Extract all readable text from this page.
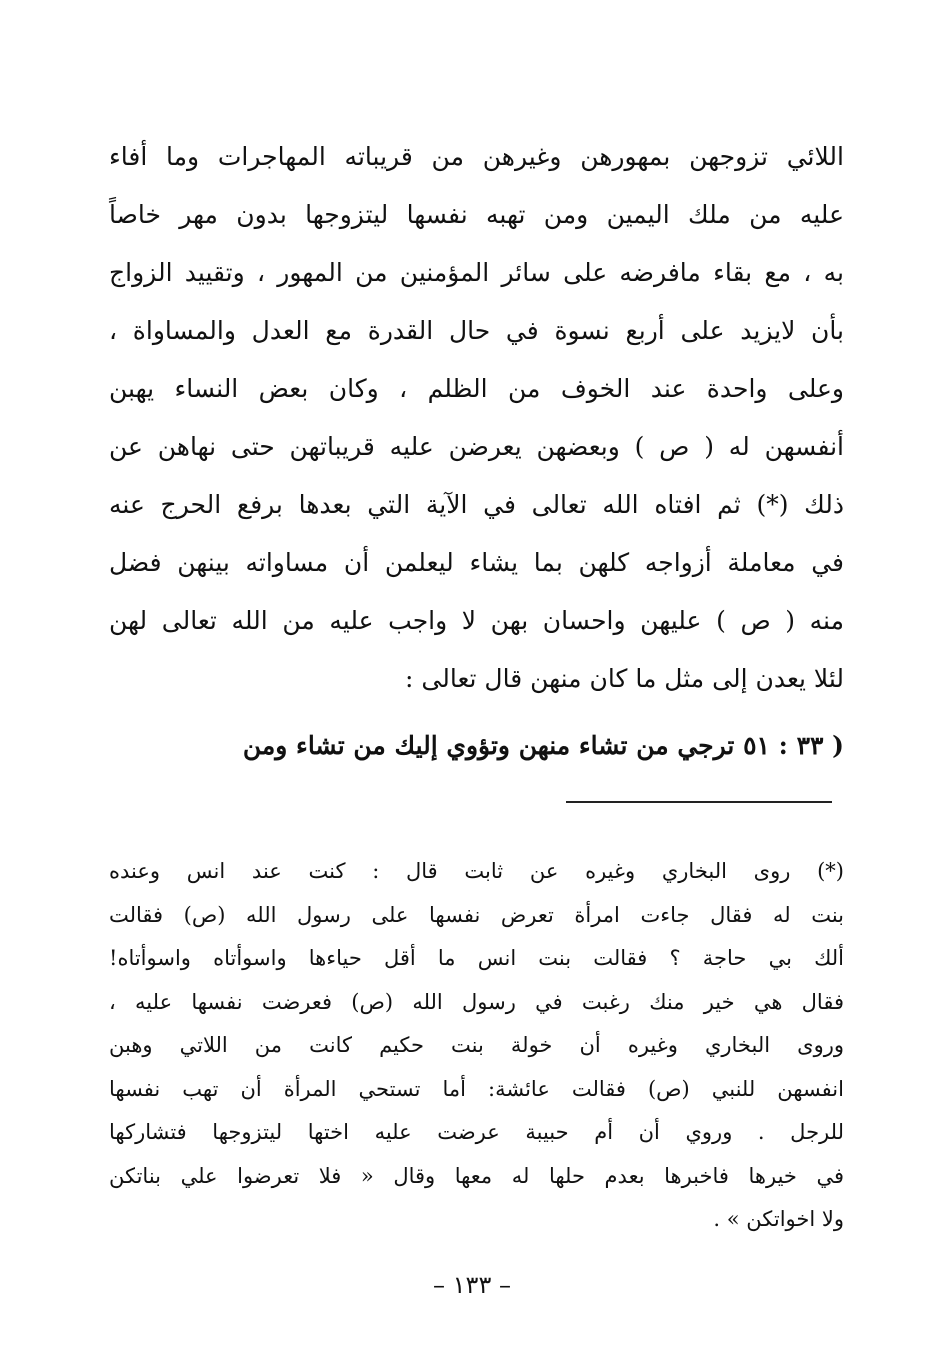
اللائي تزوجهن بمهورهن وغيرهن من قريباته المهاجرات وما أفاء
عليه من ملك اليمين ومن تهبه نفسها ليتزوجها بدون مهر خاصاً
به ، مع بقاء مافرضه على سائر المؤمنين من المهور ، وتقييد الزواج
بأن لايزيد على أربع نسوة في حال القدرة مع العدل والمساواة ،
وعلى واحدة عند الخوف من الظلم ، وكان بعض النساء يهبن
أنفسهن له ( ص ) وبعضهن يعرضن عليه قريباتهن حتى نهاهن عن
ذلك (*) ثم افتاه الله تعالى في الآية التي بعدها برفع الحرج عنه
في معاملة أزواجه كلهن بما يشاء ليعلمن أن مساواته بينهن فضل
منه ( ص ) عليهن واحسان بهن لا واجب عليه من الله تعالى لهن
لئلا يعدن إلى مثل ما كان منهن قال تعالى :
( ٣٣ : ٥١ ترجي من تشاء منهن وتؤوي إليك من تشاء ومن
(*) روى البخاري وغيره عن ثابت قال : كنت عند انس وعنده
بنت له فقال جاءت امرأة تعرض نفسها على رسول الله (ص) فقالت
ألك بي حاجة ؟ فقالت بنت انس ما أقل حياءها واسوأتاه واسوأتاه!
فقال هي خير منك رغبت في رسول الله (ص) فعرضت نفسها عليه ،
وروى البخاري وغيره أن خولة بنت حكيم كانت من اللاتي وهبن
انفسهن للنبي (ص) فقالت عائشة: أما تستحي المرأة أن تهب نفسها
للرجل . وروي أن أم حبيبة عرضت عليه اختها ليتزوجها فتشاركها
في خيرها فاخبرها بعدم حلها له معها وقال « فلا تعرضوا علي بناتكن
ولا اخواتكن » .
– ١٣٣ –
